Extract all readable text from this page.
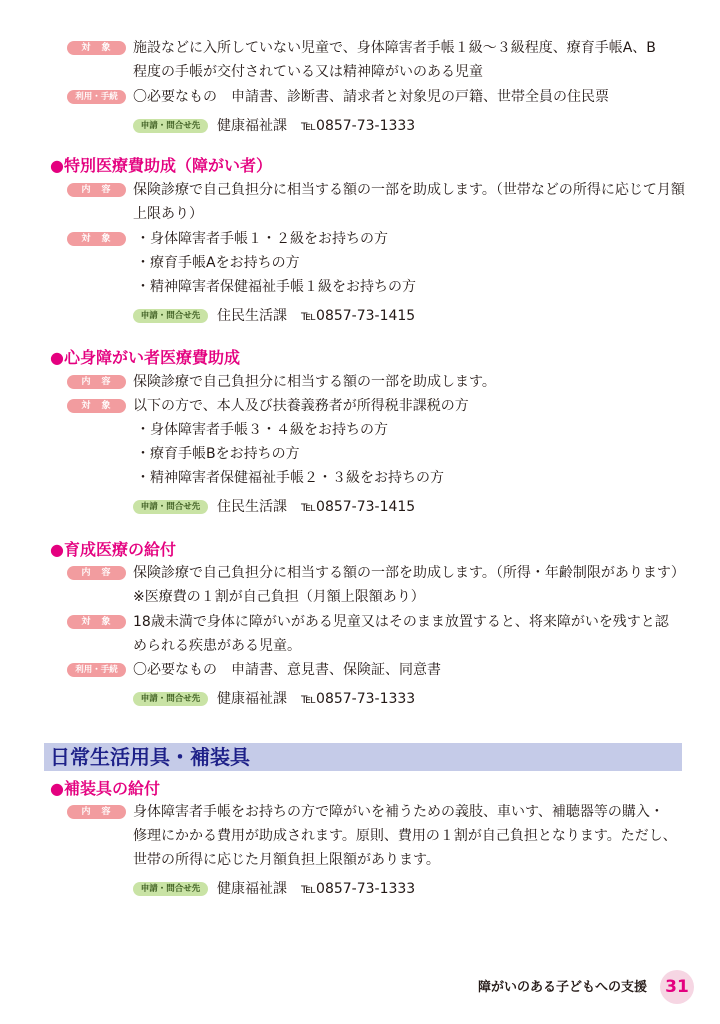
対　象	施設などに入所していない児童で、身体障害者手帳１級～３級程度、療育手帳A、B
程度の手帳が交付されている又は精神障がいのある児童
利用・手続	〇必要なもの　申請書、診断書、請求者と対象児の戸籍、世帯全員の住民票
申請・問合せ先	健康福祉課　℡0857-73-1333
●特別医療費助成（障がい者）
内　容	保険診療で自己負担分に相当する額の一部を助成します。（世帯などの所得に応じて月額
上限あり）
対　象	・身体障害者手帳１・２級をお持ちの方
・療育手帳Aをお持ちの方
・精神障害者保健福祉手帳１級をお持ちの方
申請・問合せ先	住民生活課　℡0857-73-1415
●心身障がい者医療費助成
内　容	保険診療で自己負担分に相当する額の一部を助成します。
対　象	以下の方で、本人及び扶養義務者が所得税非課税の方
・身体障害者手帳３・４級をお持ちの方
・療育手帳Bをお持ちの方
・精神障害者保健福祉手帳２・３級をお持ちの方
申請・問合せ先	住民生活課　℡0857-73-1415
●育成医療の給付
内　容	保険診療で自己負担分に相当する額の一部を助成します。（所得・年齢制限があります）
※医療費の１割が自己負担（月額上限額あり）
対　象	18歳未満で身体に障がいがある児童又はそのまま放置すると、将来障がいを残すと認
められる疾患がある児童。
利用・手続	〇必要なもの　申請書、意見書、保険証、同意書
申請・問合せ先	健康福祉課　℡0857-73-1333
日常生活用具・補装具
●補装具の給付
内　容	身体障害者手帳をお持ちの方で障がいを補うための義肢、車いす、補聴器等の購入・
修理にかかる費用が助成されます。原則、費用の１割が自己負担となります。ただし、
世帯の所得に応じた月額負担上限額があります。
申請・問合せ先	健康福祉課　℡0857-73-1333
障がいのある子どもへの支援	31
